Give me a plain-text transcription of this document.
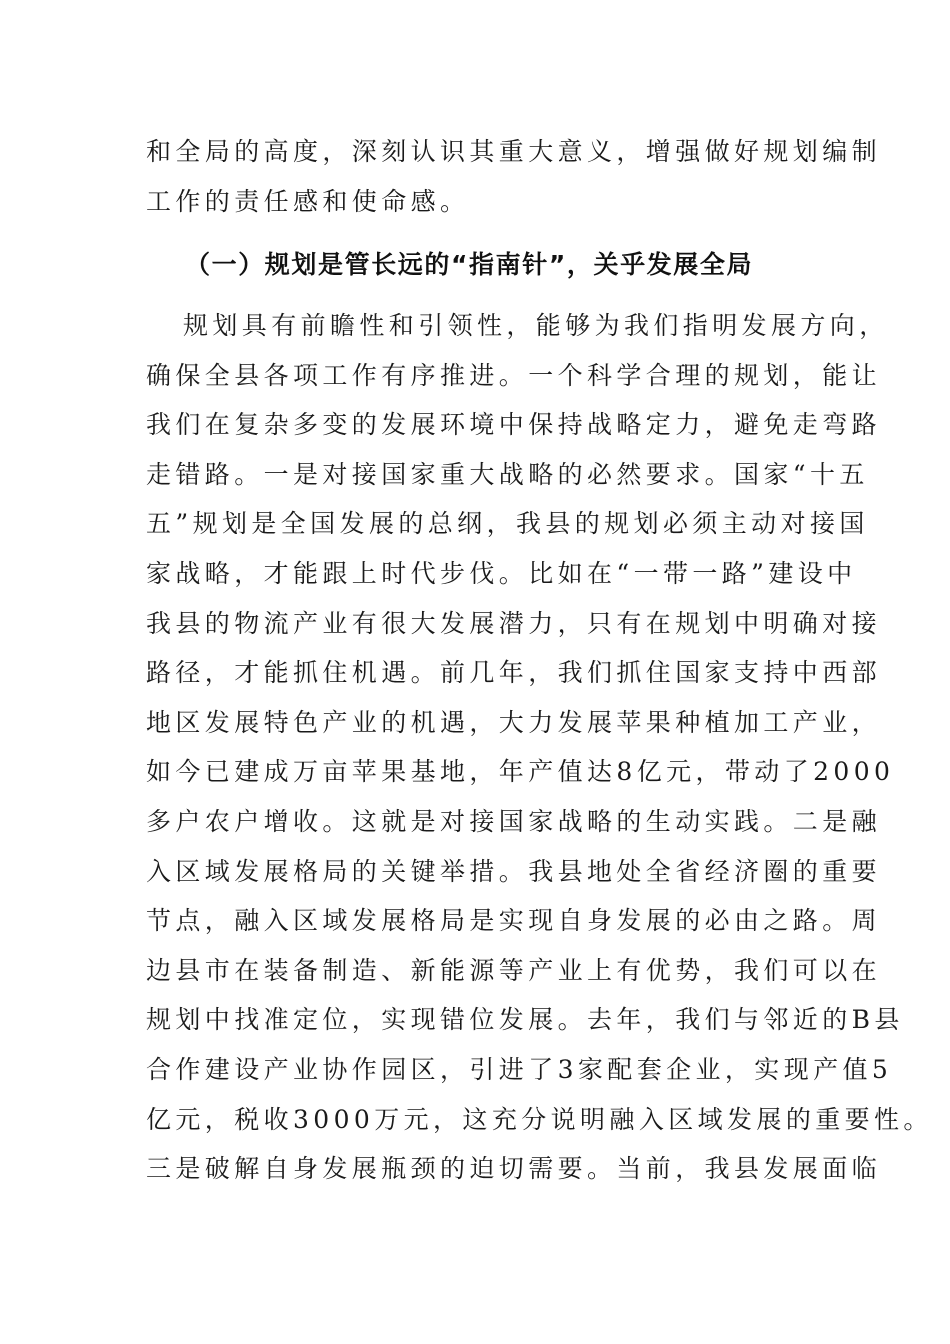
和全局的高度，深刻认识其重大意义，增强做好规划编制
工作的责任感和使命感。
（一）规划是管长远的“指南针”，关乎发展全局
规划具有前瞻性和引领性，能够为我们指明发展方向，
确保全县各项工作有序推进。一个科学合理的规划，能让
我们在复杂多变的发展环境中保持战略定力，避免走弯路
走错路。一是对接国家重大战略的必然要求。国家“十五
五”规划是全国发展的总纲，我县的规划必须主动对接国
家战略，才能跟上时代步伐。比如在“一带一路”建设中
我县的物流产业有很大发展潜力，只有在规划中明确对接
路径，才能抓住机遇。前几年，我们抓住国家支持中西部
地区发展特色产业的机遇，大力发展苹果种植加工产业，
如今已建成万亩苹果基地，年产值达8亿元，带动了2000
多户农户增收。这就是对接国家战略的生动实践。二是融
入区域发展格局的关键举措。我县地处全省经济圈的重要
节点，融入区域发展格局是实现自身发展的必由之路。周
边县市在装备制造、新能源等产业上有优势，我们可以在
规划中找准定位，实现错位发展。去年，我们与邻近的B县
合作建设产业协作园区，引进了3家配套企业，实现产值5
亿元，税收3000万元，这充分说明融入区域发展的重要性。
三是破解自身发展瓶颈的迫切需要。当前，我县发展面临
